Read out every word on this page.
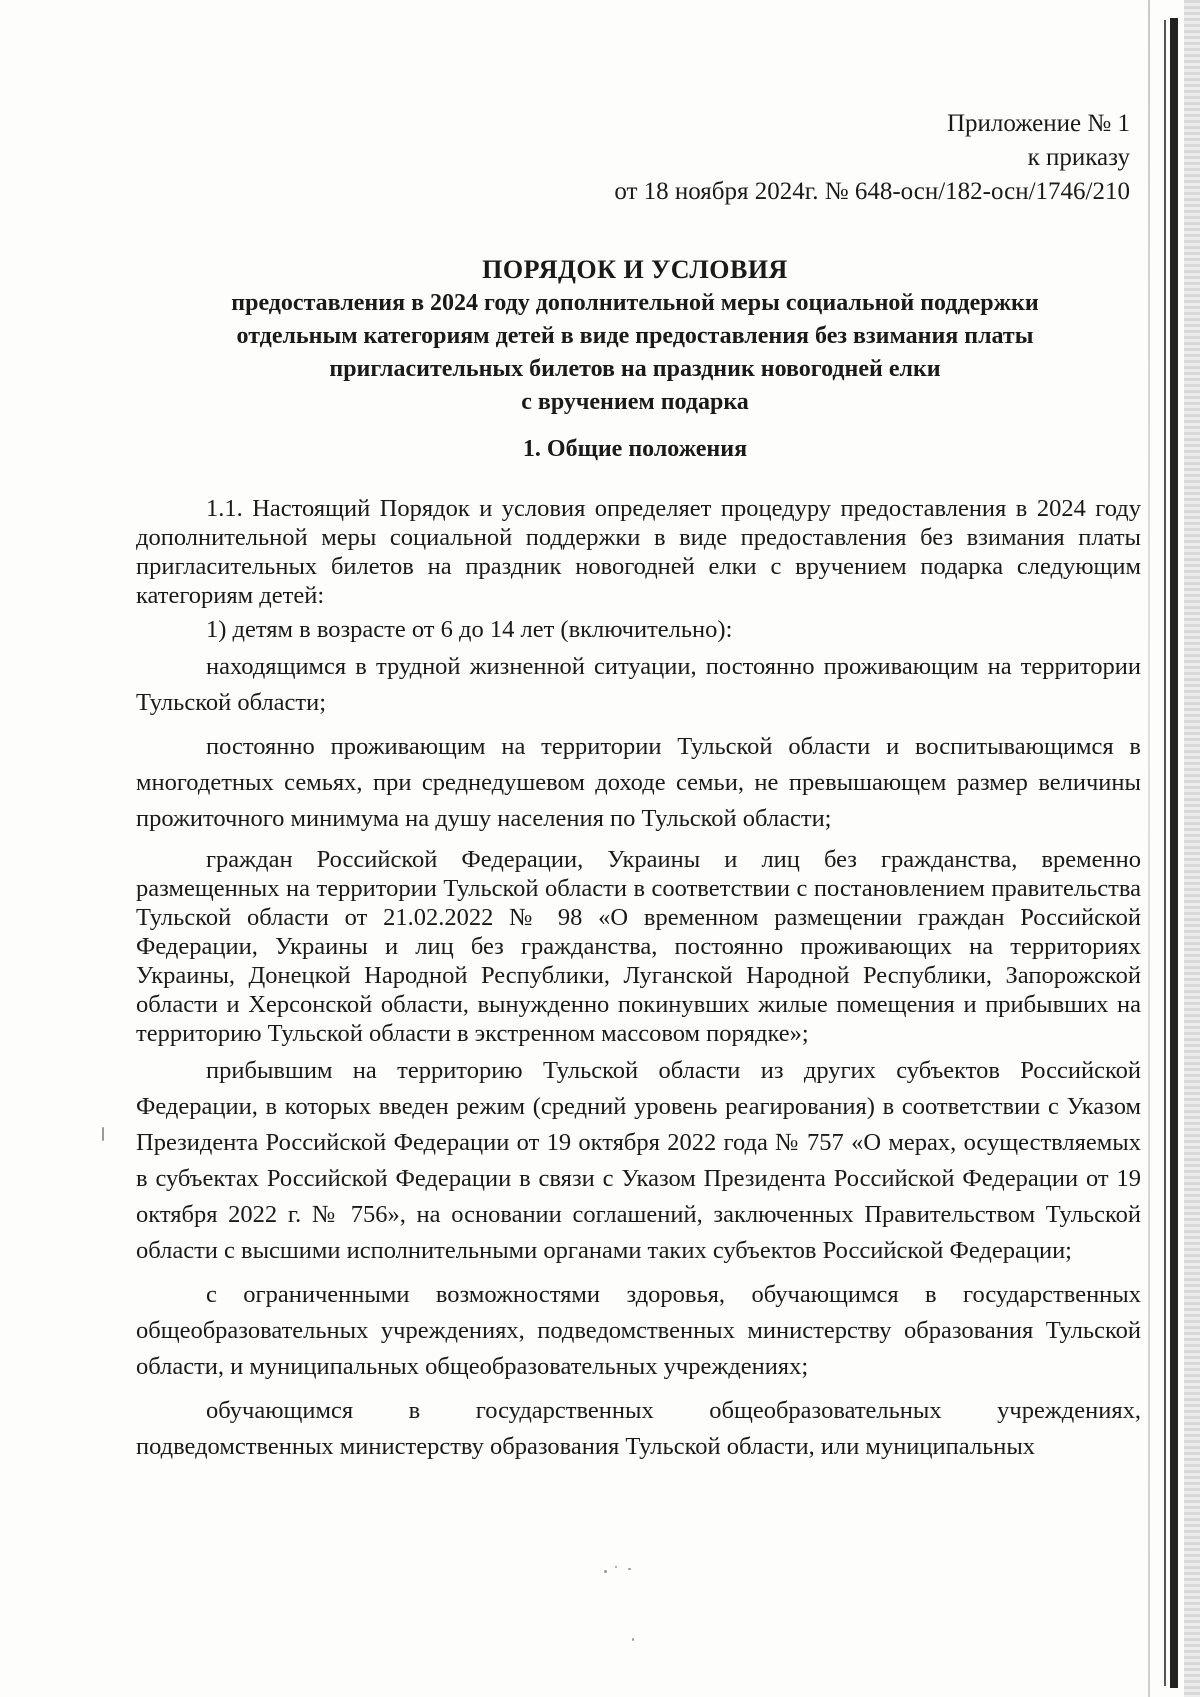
Приложение № 1
к приказу
от 18 ноября 2024г. № 648-осн/182-осн/1746/210
ПОРЯДОК И УСЛОВИЯ
предоставления в 2024 году дополнительной меры социальной поддержки
отдельным категориям детей в виде предоставления без взимания платы
пригласительных билетов на праздник новогодней елки
с вручением подарка
1. Общие положения

1.1. Настоящий Порядок и условия определяет процедуру предоставления в 2024 году дополнительной меры социальной поддержки в виде предоставления без взимания платы пригласительных билетов на праздник новогодней елки с вручением подарка следующим категориям детей:

1) детям в возрасте от 6 до 14 лет (включительно):

находящимся в трудной жизненной ситуации, постоянно проживающим на территории Тульской области;

постоянно проживающим на территории Тульской области и воспитывающимся в многодетных семьях, при среднедушевом доходе семьи, не превышающем размер величины прожиточного минимума на душу населения по Тульской области;

граждан Российской Федерации, Украины и лиц без гражданства, временно размещенных на территории Тульской области в соответствии с постановлением правительства Тульской области от 21.02.2022 № 98 «О временном размещении граждан Российской Федерации, Украины и лиц без гражданства, постоянно проживающих на территориях Украины, Донецкой Народной Республики, Луганской Народной Республики, Запорожской области и Херсонской области, вынужденно покинувших жилые помещения и прибывших на территорию Тульской области в экстренном массовом порядке»;

прибывшим на территорию Тульской области из других субъектов Российской Федерации, в которых введен режим (средний уровень реагирования) в соответствии с Указом Президента Российской Федерации от 19 октября 2022 года № 757 «О мерах, осуществляемых в субъектах Российской Федерации в связи с Указом Президента Российской Федерации от 19 октября 2022 г. № 756», на основании соглашений, заключенных Правительством Тульской области с высшими исполнительными органами таких субъектов Российской Федерации;

с ограниченными возможностями здоровья, обучающимся в государственных общеобразовательных учреждениях, подведомственных министерству образования Тульской области, и муниципальных общеобразовательных учреждениях;

обучающимся в государственных общеобразовательных учреждениях, подведомственных министерству образования Тульской области, или муниципальных
